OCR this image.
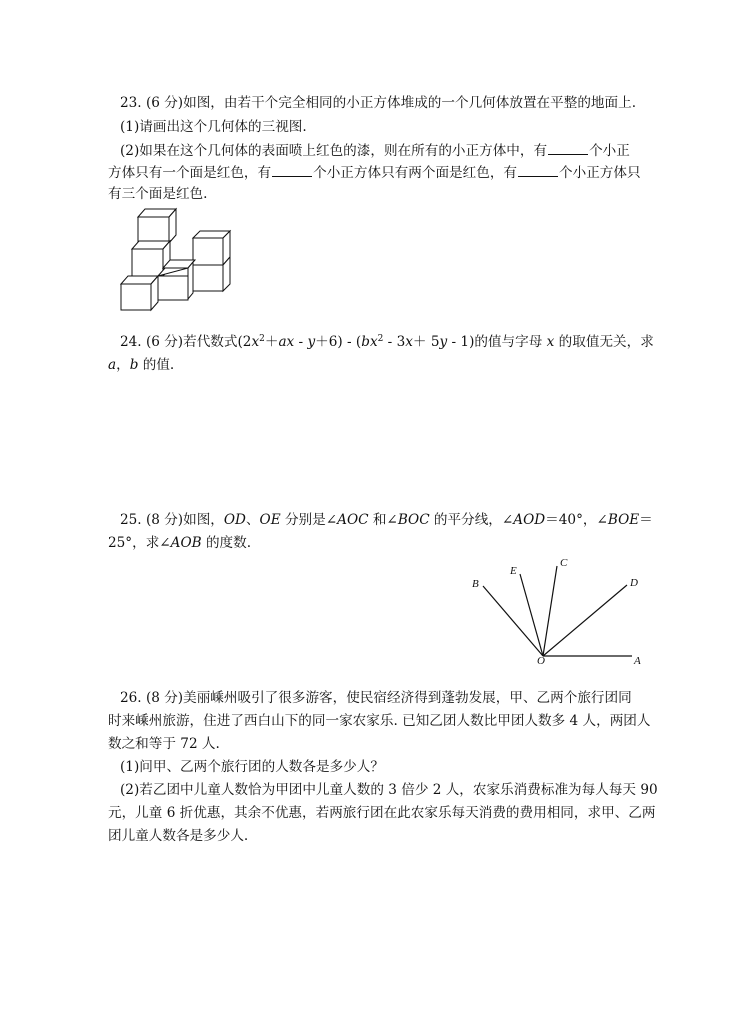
23. (6 分)如图，由若干个完全相同的小正方体堆成的一个几何体放置在平整的地面上.
(1)请画出这个几何体的三视图.
(2)如果在这个几何体的表面喷上红色的漆，则在所有的小正方体中，有	个小正
方体只有一个面是红色，有	个小正方体只有两个面是红色，有	个小正方体只
有三个面是红色.
24. (6 分)若代数式$(2x^2+ax - y+6) - (bx^2 - 3x+ 5y - 1)$的值与字母 x 的取值无关，求
a，b 的值.
25. (8 分)如图，OD、OE 分别是∠AOC 和∠BOC 的平分线，∠AOD＝40°，∠BOE＝
25°，求∠AOB 的度数.
B
E
C
D
O	A
26. (8 分)美丽嵊州吸引了很多游客，使民宿经济得到蓬勃发展，甲、乙两个旅行团同
时来嵊州旅游，住进了西白山下的同一家农家乐. 已知乙团人数比甲团人数多 4 人，两团人
数之和等于 72 人.
(1)问甲、乙两个旅行团的人数各是多少人？
(2)若乙团中儿童人数恰为甲团中儿童人数的 3 倍少 2 人，农家乐消费标准为每人每天 90
元，儿童 6 折优惠，其余不优惠，若两旅行团在此农家乐每天消费的费用相同，求甲、乙两
团儿童人数各是多少人.
